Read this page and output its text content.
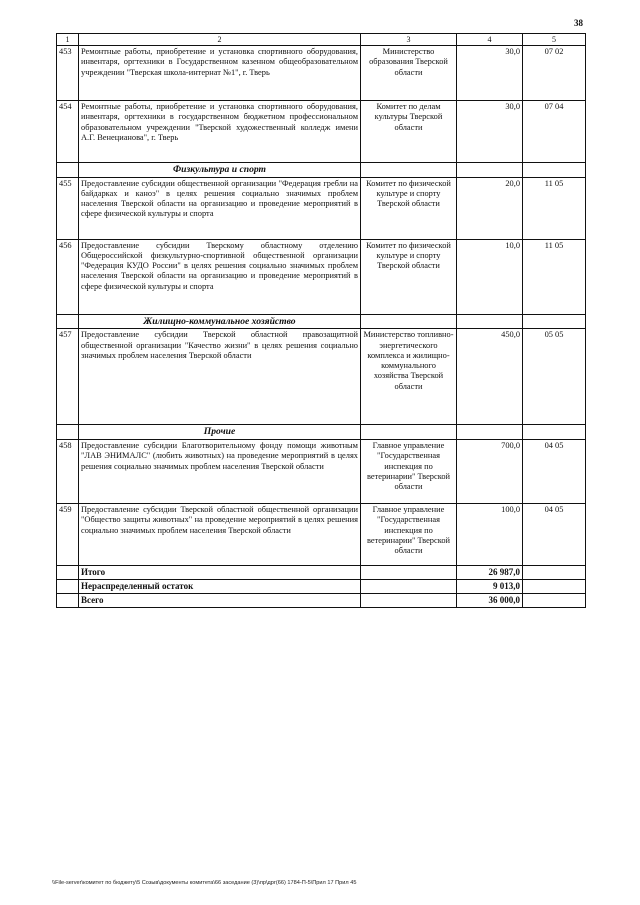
38
1	2	3	4	5
453	Ремонтные работы, приобретение и установка спортивного оборудования, инвентаря, оргтехники в Государственном казенном общеобразовательном учреждении "Тверская школа-интернат №1", г. Тверь	Министерство образования Тверской области	30,0	07 02
454	Ремонтные работы, приобретение и установка спортивного оборудования, инвентаря, оргтехники в государственном бюджетном профессиональном образовательном учреждении "Тверской художественный колледж имени А.Г. Венецианова", г. Тверь	Комитет по делам культуры Тверской области	30,0	07 04
	Физкультура и спорт			
455	Предоставление субсидии общественной организации "Федерация гребли на байдарках и каноэ" в целях решения социально значимых проблем населения Тверской области на организацию и проведение мероприятий в сфере физической культуры и спорта	Комитет по физической культуре и спорту Тверской области	20,0	11 05
456	Предоставление субсидии Тверскому областному отделению Общероссийской физкультурно-спортивной общественной организации "Федерация КУДО России" в целях решения социально значимых проблем населения Тверской области на организацию и проведение мероприятий в сфере физической культуры и спорта	Комитет по физической культуре и спорту Тверской области	10,0	11 05
	Жилищно-коммунальное хозяйство			
457	Предоставление субсидии Тверской областной правозащитной общественной организации "Качество жизни" в целях решения социально значимых проблем населения Тверской области	Министерство топливно-энергетического комплекса и жилищно-коммунального хозяйства Тверской области	450,0	05 05
	Прочие			
458	Предоставление субсидии Благотворительному фонду помощи животным "ЛАВ ЭНИМАЛС" (любить животных) на проведение мероприятий в целях решения социально значимых проблем населения Тверской области	Главное управление "Государственная инспекция по ветеринарии" Тверской области	700,0	04 05
459	Предоставление субсидии Тверской областной общественной организации "Общество защиты животных" на проведение мероприятий в целях решения социально значимых проблем населения Тверской области	Главное управление "Государственная инспекция по ветеринарии" Тверской области	100,0	04 05
	Итого		26 987,0	
	Нераспределенный остаток		9 013,0	
	Всего		36 000,0	
\\File-server\комитет по бюджету\5 Созыв\документы комитета\66 заседание (3)\пр\дрг(66) 1784-П-5\Прил 17 Прил 45
